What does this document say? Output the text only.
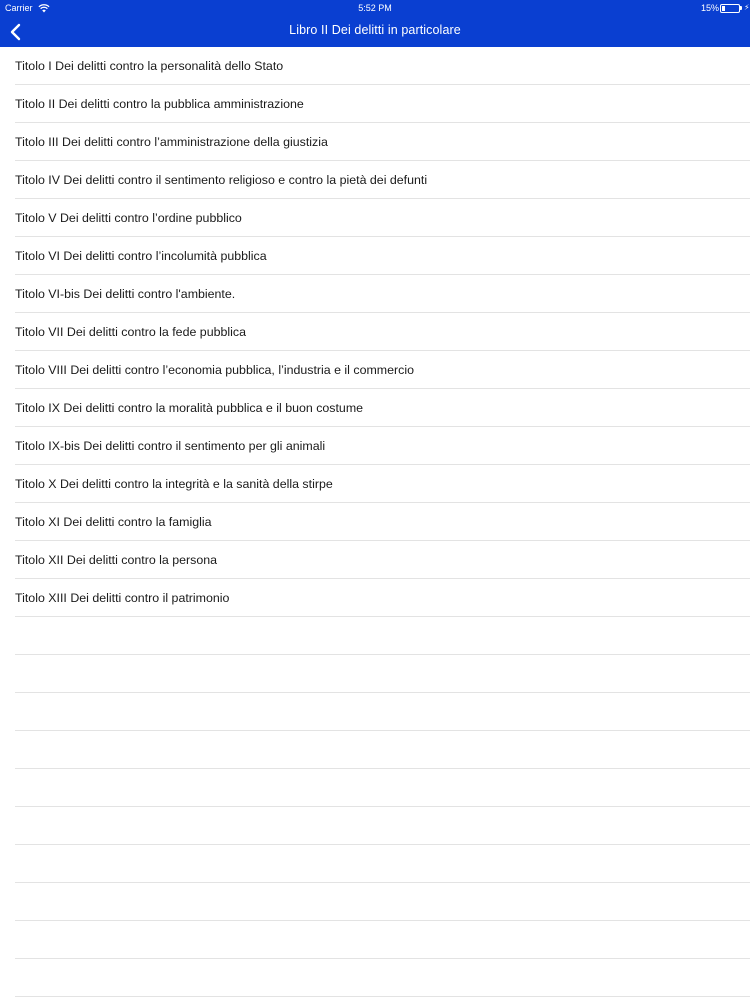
Carrier	5:52 PM	15%	⚡
Libro II Dei delitti in particolare
Titolo I Dei delitti contro la personalità dello Stato
Titolo II Dei delitti contro la pubblica amministrazione
Titolo III Dei delitti contro l’amministrazione della giustizia
Titolo IV Dei delitti contro il sentimento religioso e contro la pietà dei defunti
Titolo V Dei delitti contro l’ordine pubblico
Titolo VI Dei delitti contro l’incolumità pubblica
Titolo VI-bis Dei delitti contro l'ambiente.
Titolo VII Dei delitti contro la fede pubblica
Titolo VIII Dei delitti contro l’economia pubblica, l’industria e il commercio
Titolo IX Dei delitti contro la moralità pubblica e il buon costume
Titolo IX-bis Dei delitti contro il sentimento per gli animali
Titolo X Dei delitti contro la integrità e la sanità della stirpe
Titolo XI Dei delitti contro la famiglia
Titolo XII Dei delitti contro la persona
Titolo XIII Dei delitti contro il patrimonio
